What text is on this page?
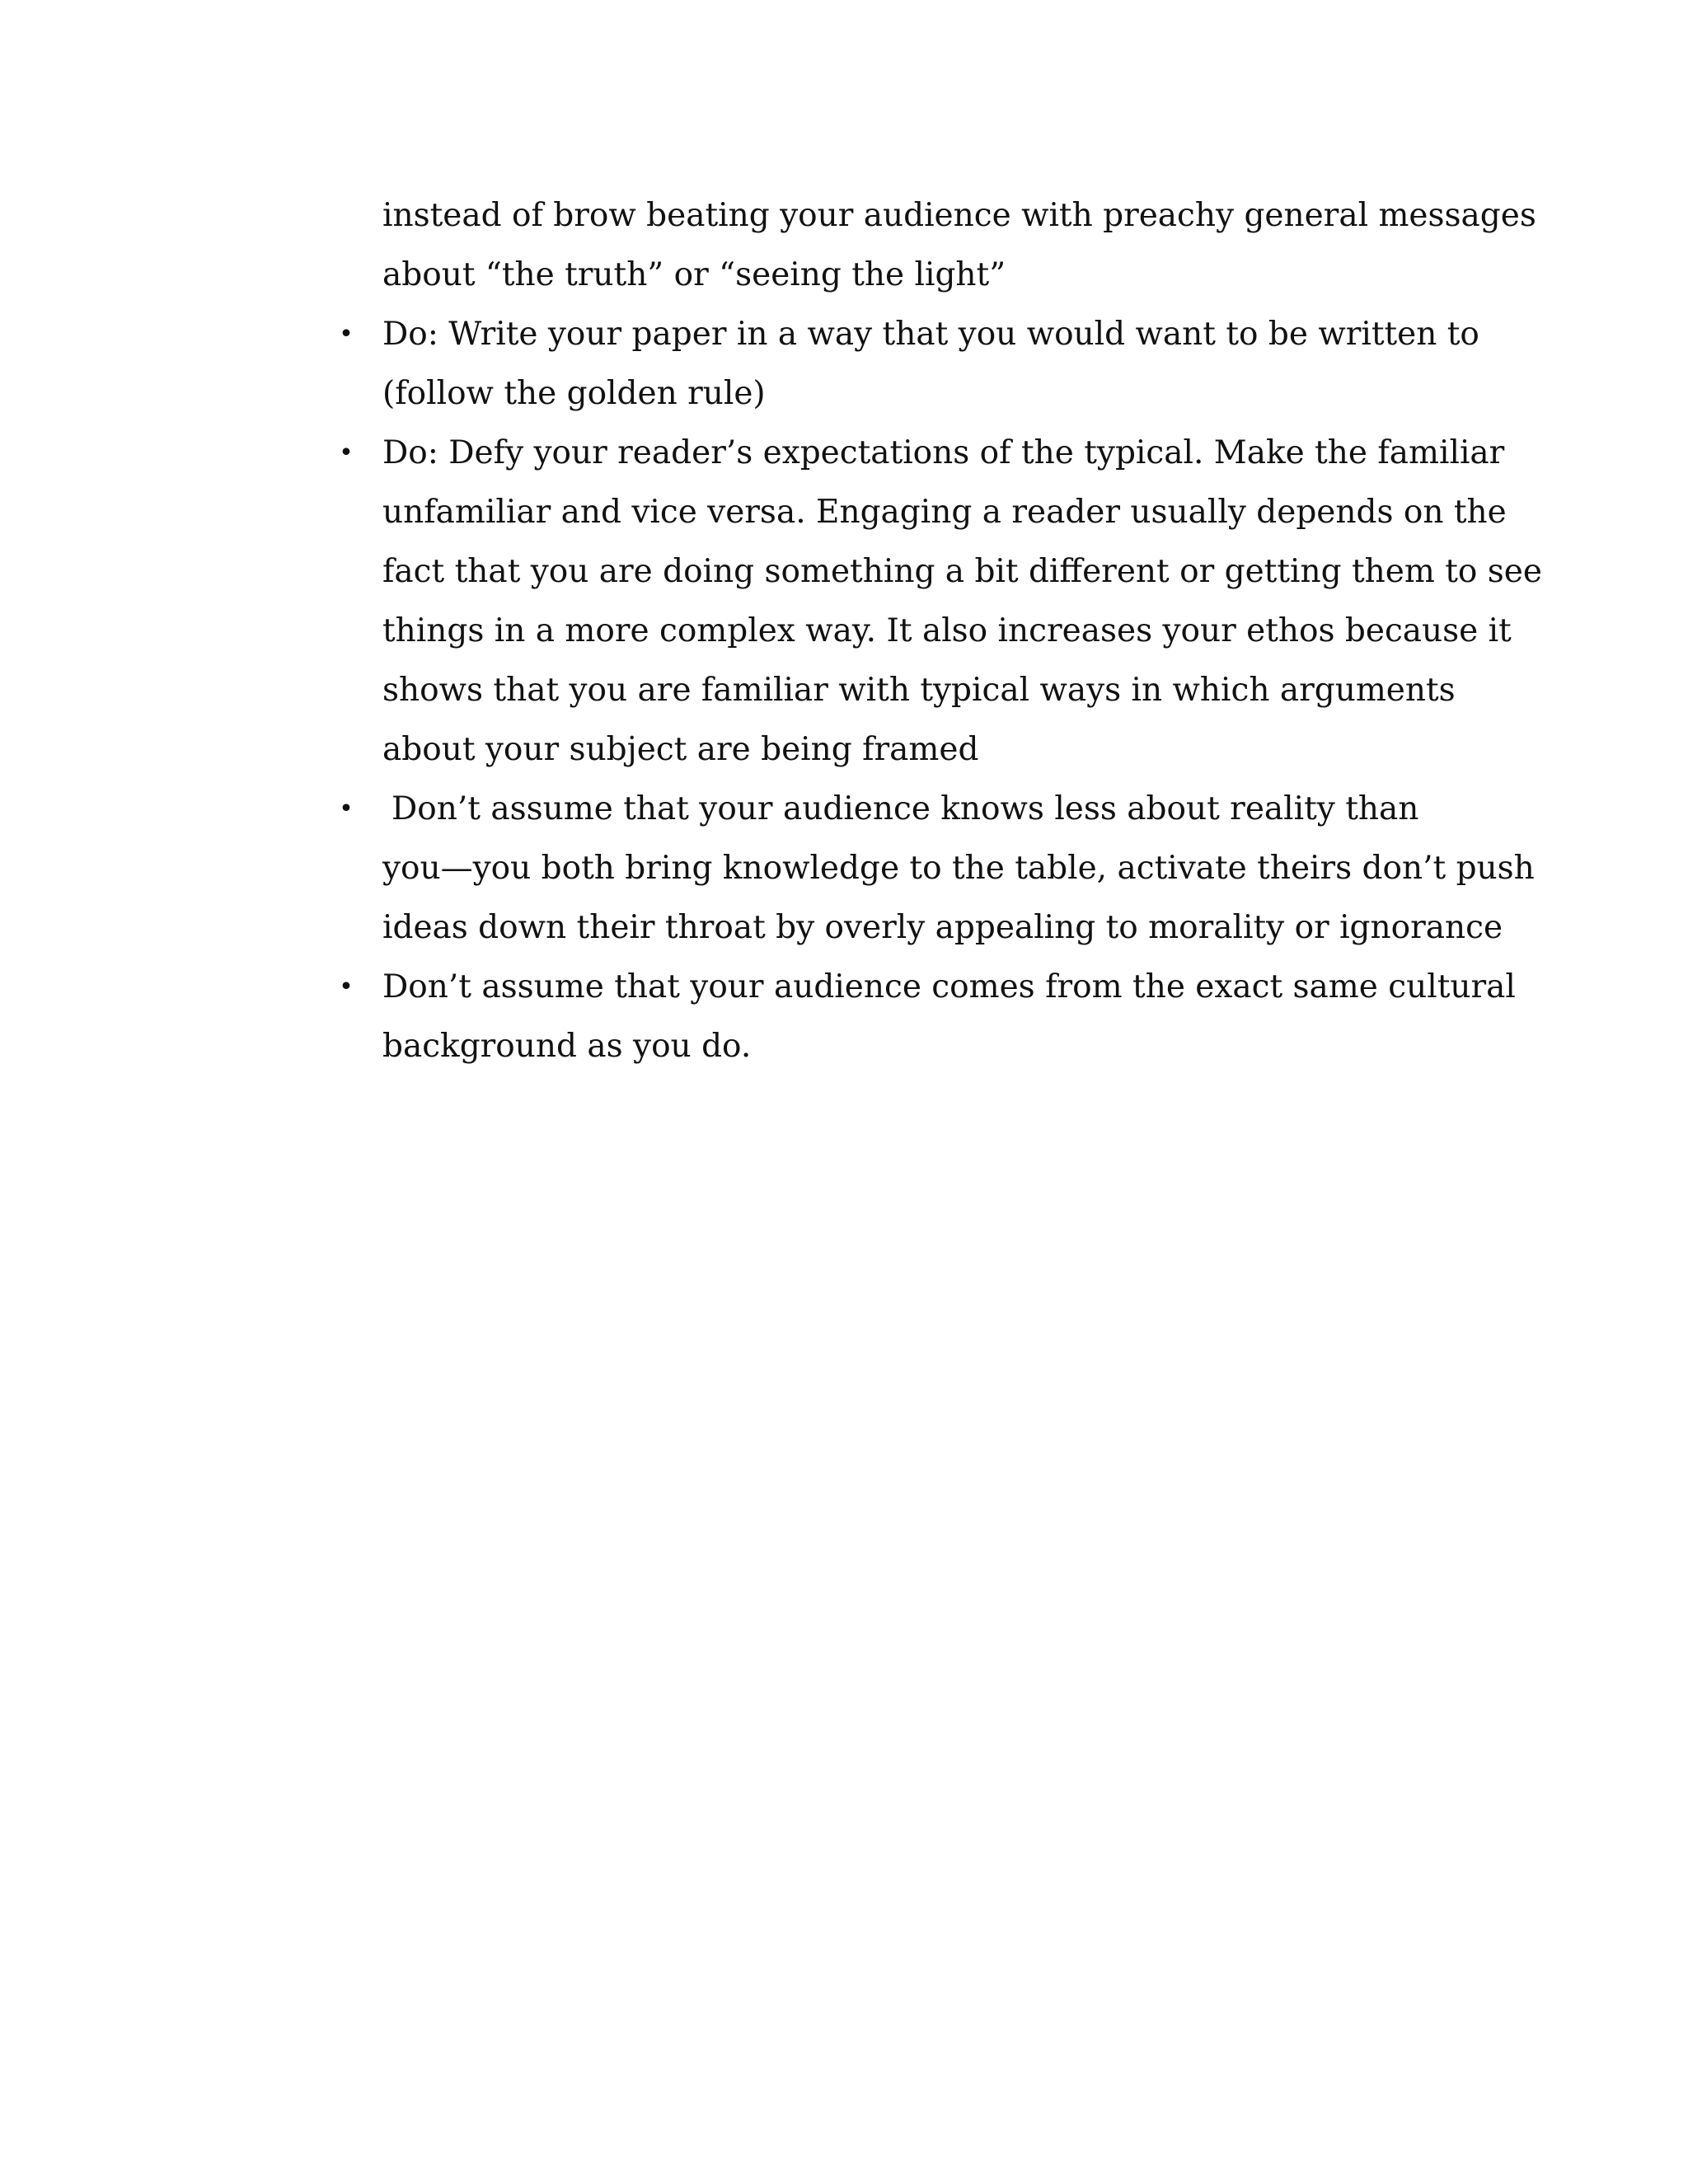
instead of brow beating your audience with preachy general messages
about “the truth” or “seeing the light”
• Do: Write your paper in a way that you would want to be written to
(follow the golden rule)
• Do: Defy your reader’s expectations of the typical. Make the familiar
unfamiliar and vice versa. Engaging a reader usually depends on the
fact that you are doing something a bit different or getting them to see
things in a more complex way. It also increases your ethos because it
shows that you are familiar with typical ways in which arguments
about your subject are being framed
• Don’t assume that your audience knows less about reality than
you—you both bring knowledge to the table, activate theirs don’t push
ideas down their throat by overly appealing to morality or ignorance
• Don’t assume that your audience comes from the exact same cultural
background as you do.
